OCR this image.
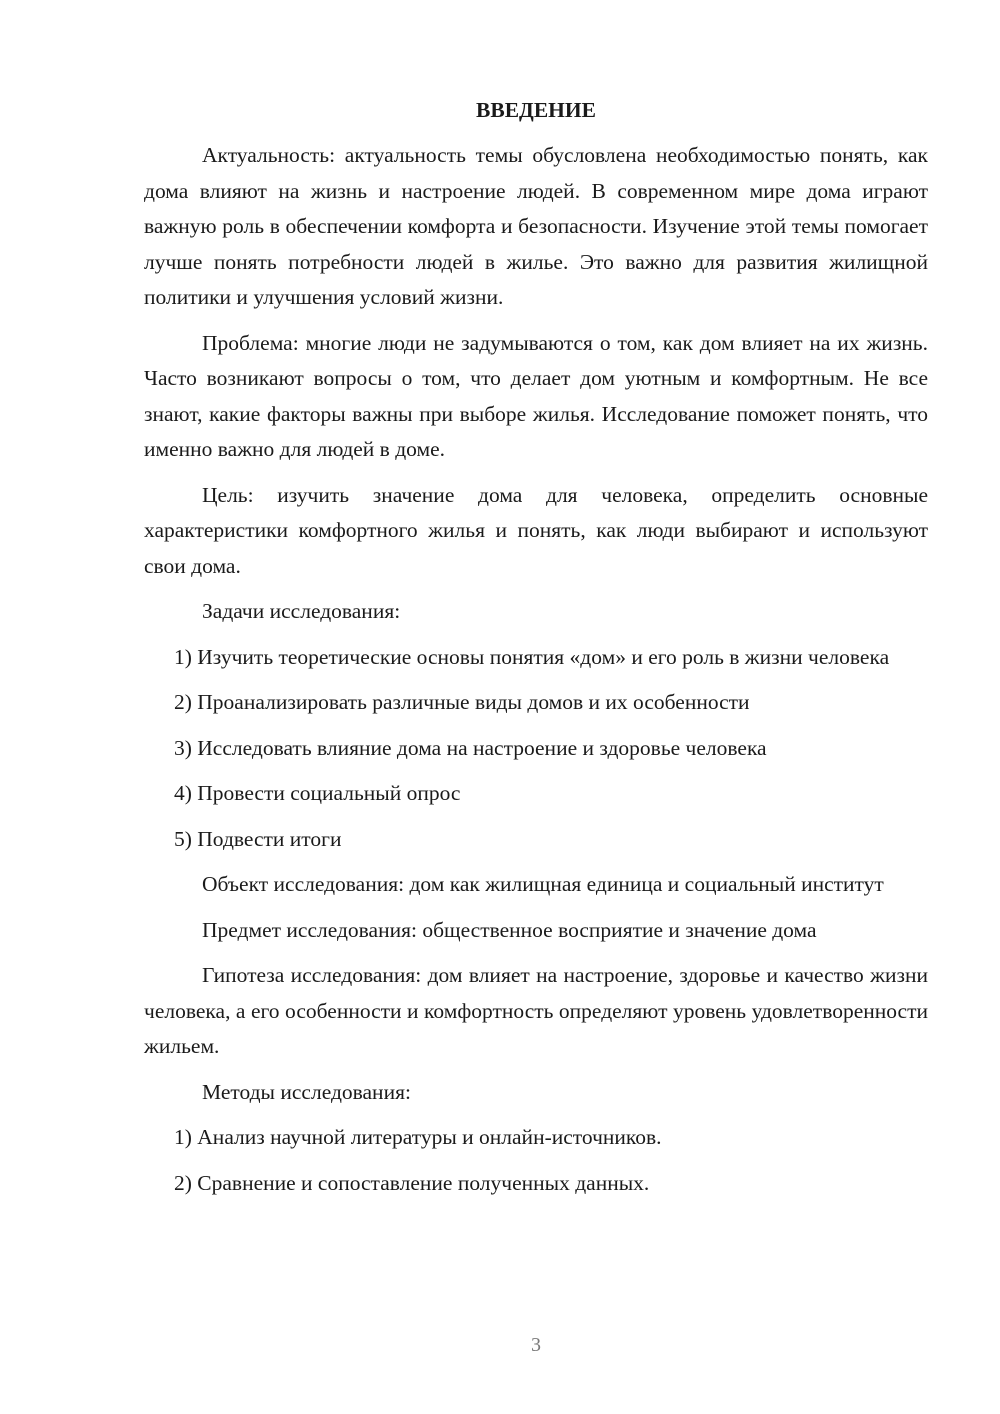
ВВЕДЕНИЕ

Актуальность: актуальность темы обусловлена необходимостью понять, как дома влияют на жизнь и настроение людей. В современном мире дома играют важную роль в обеспечении комфорта и безопасности. Изучение этой темы помогает лучше понять потребности людей в жилье. Это важно для развития жилищной политики и улучшения условий жизни.

Проблема: многие люди не задумываются о том, как дом влияет на их жизнь. Часто возникают вопросы о том, что делает дом уютным и комфортным. Не все знают, какие факторы важны при выборе жилья. Исследование поможет понять, что именно важно для людей в доме.

Цель: изучить значение дома для человека, определить основные характеристики комфортного жилья и понять, как люди выбирают и используют свои дома.

Задачи исследования:

1) Изучить теоретические основы понятия «дом» и его роль в жизни человека

2) Проанализировать различные виды домов и их особенности

3) Исследовать влияние дома на настроение и здоровье человека

4) Провести социальный опрос

5) Подвести итоги

Объект исследования: дом как жилищная единица и социальный институт

Предмет исследования: общественное восприятие и значение дома

Гипотеза исследования: дом влияет на настроение, здоровье и качество жизни человека, а его особенности и комфортность определяют уровень удовлетворенности жильем.

Методы исследования:

1) Анализ научной литературы и онлайн-источников.

2) Сравнение и сопоставление полученных данных.

3
